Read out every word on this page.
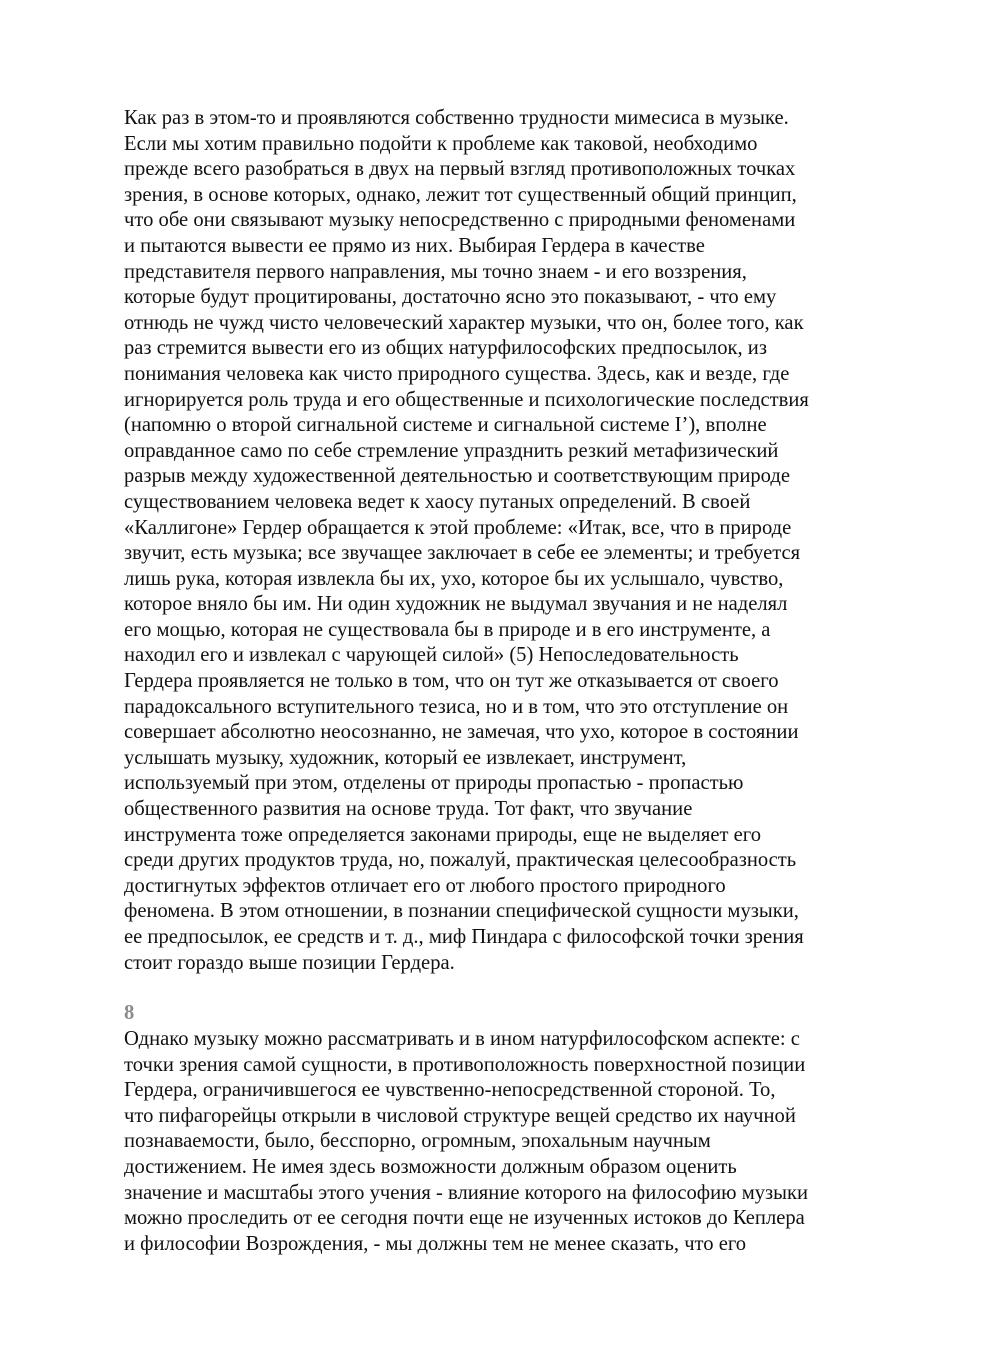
Как раз в этом-то и проявляются собственно трудности мимесиса в музыке.
Если мы хотим правильно подойти к проблеме как таковой, необходимо
прежде всего разобраться в двух на первый взгляд противоположных точках
зрения, в основе которых, однако, лежит тот существенный общий принцип,
что обе они связывают музыку непосредственно с природными феноменами
и пытаются вывести ее прямо из них. Выбирая Гердера в качестве
представителя первого направления, мы точно знаем - и его воззрения,
которые будут процитированы, достаточно ясно это показывают, - что ему
отнюдь не чужд чисто человеческий характер музыки, что он, более того, как
раз стремится вывести его из общих натурфилософских предпосылок, из
понимания человека как чисто природного существа. Здесь, как и везде, где
игнорируется роль труда и его общественные и психологические последствия
(напомню о второй сигнальной системе и сигнальной системе I’), вполне
оправданное само по себе стремление упразднить резкий метафизический
разрыв между художественной деятельностью и соответствующим природе
существованием человека ведет к хаосу путаных определений. В своей
«Каллигоне» Гердер обращается к этой проблеме: «Итак, все, что в природе
звучит, есть музыка; все звучащее заключает в себе ее элементы; и требуется
лишь рука, которая извлекла бы их, ухо, которое бы их услышало, чувство,
которое вняло бы им. Ни один художник не выдумал звучания и не наделял
его мощью, которая не существовала бы в природе и в его инструменте, а
находил его и извлекал с чарующей силой» (5) Непоследовательность
Гердера проявляется не только в том, что он тут же отказывается от своего
парадоксального вступительного тезиса, но и в том, что это отступление он
совершает абсолютно неосознанно, не замечая, что ухо, которое в состоянии
услышать музыку, художник, который ее извлекает, инструмент,
используемый при этом, отделены от природы пропастью - пропастью
общественного развития на основе труда. Тот факт, что звучание
инструмента тоже определяется законами природы, еще не выделяет его
среди других продуктов труда, но, пожалуй, практическая целесообразность
достигнутых эффектов отличает его от любого простого природного
феномена. В этом отношении, в познании специфической сущности музыки,
ее предпосылок, ее средств и т. д., миф Пиндара с философской точки зрения
стоит гораздо выше позиции Гердера.
8
Однако музыку можно рассматривать и в ином натурфилософском аспекте: с
точки зрения самой сущности, в противоположность поверхностной позиции
Гердера, ограничившегося ее чувственно-непосредственной стороной. То,
что пифагорейцы открыли в числовой структуре вещей средство их научной
познаваемости, было, бесспорно, огромным, эпохальным научным
достижением. Не имея здесь возможности должным образом оценить
значение и масштабы этого учения - влияние которого на философию музыки
можно проследить от ее сегодня почти еще не изученных истоков до Кеплера
и философии Возрождения, - мы должны тем не менее сказать, что его
